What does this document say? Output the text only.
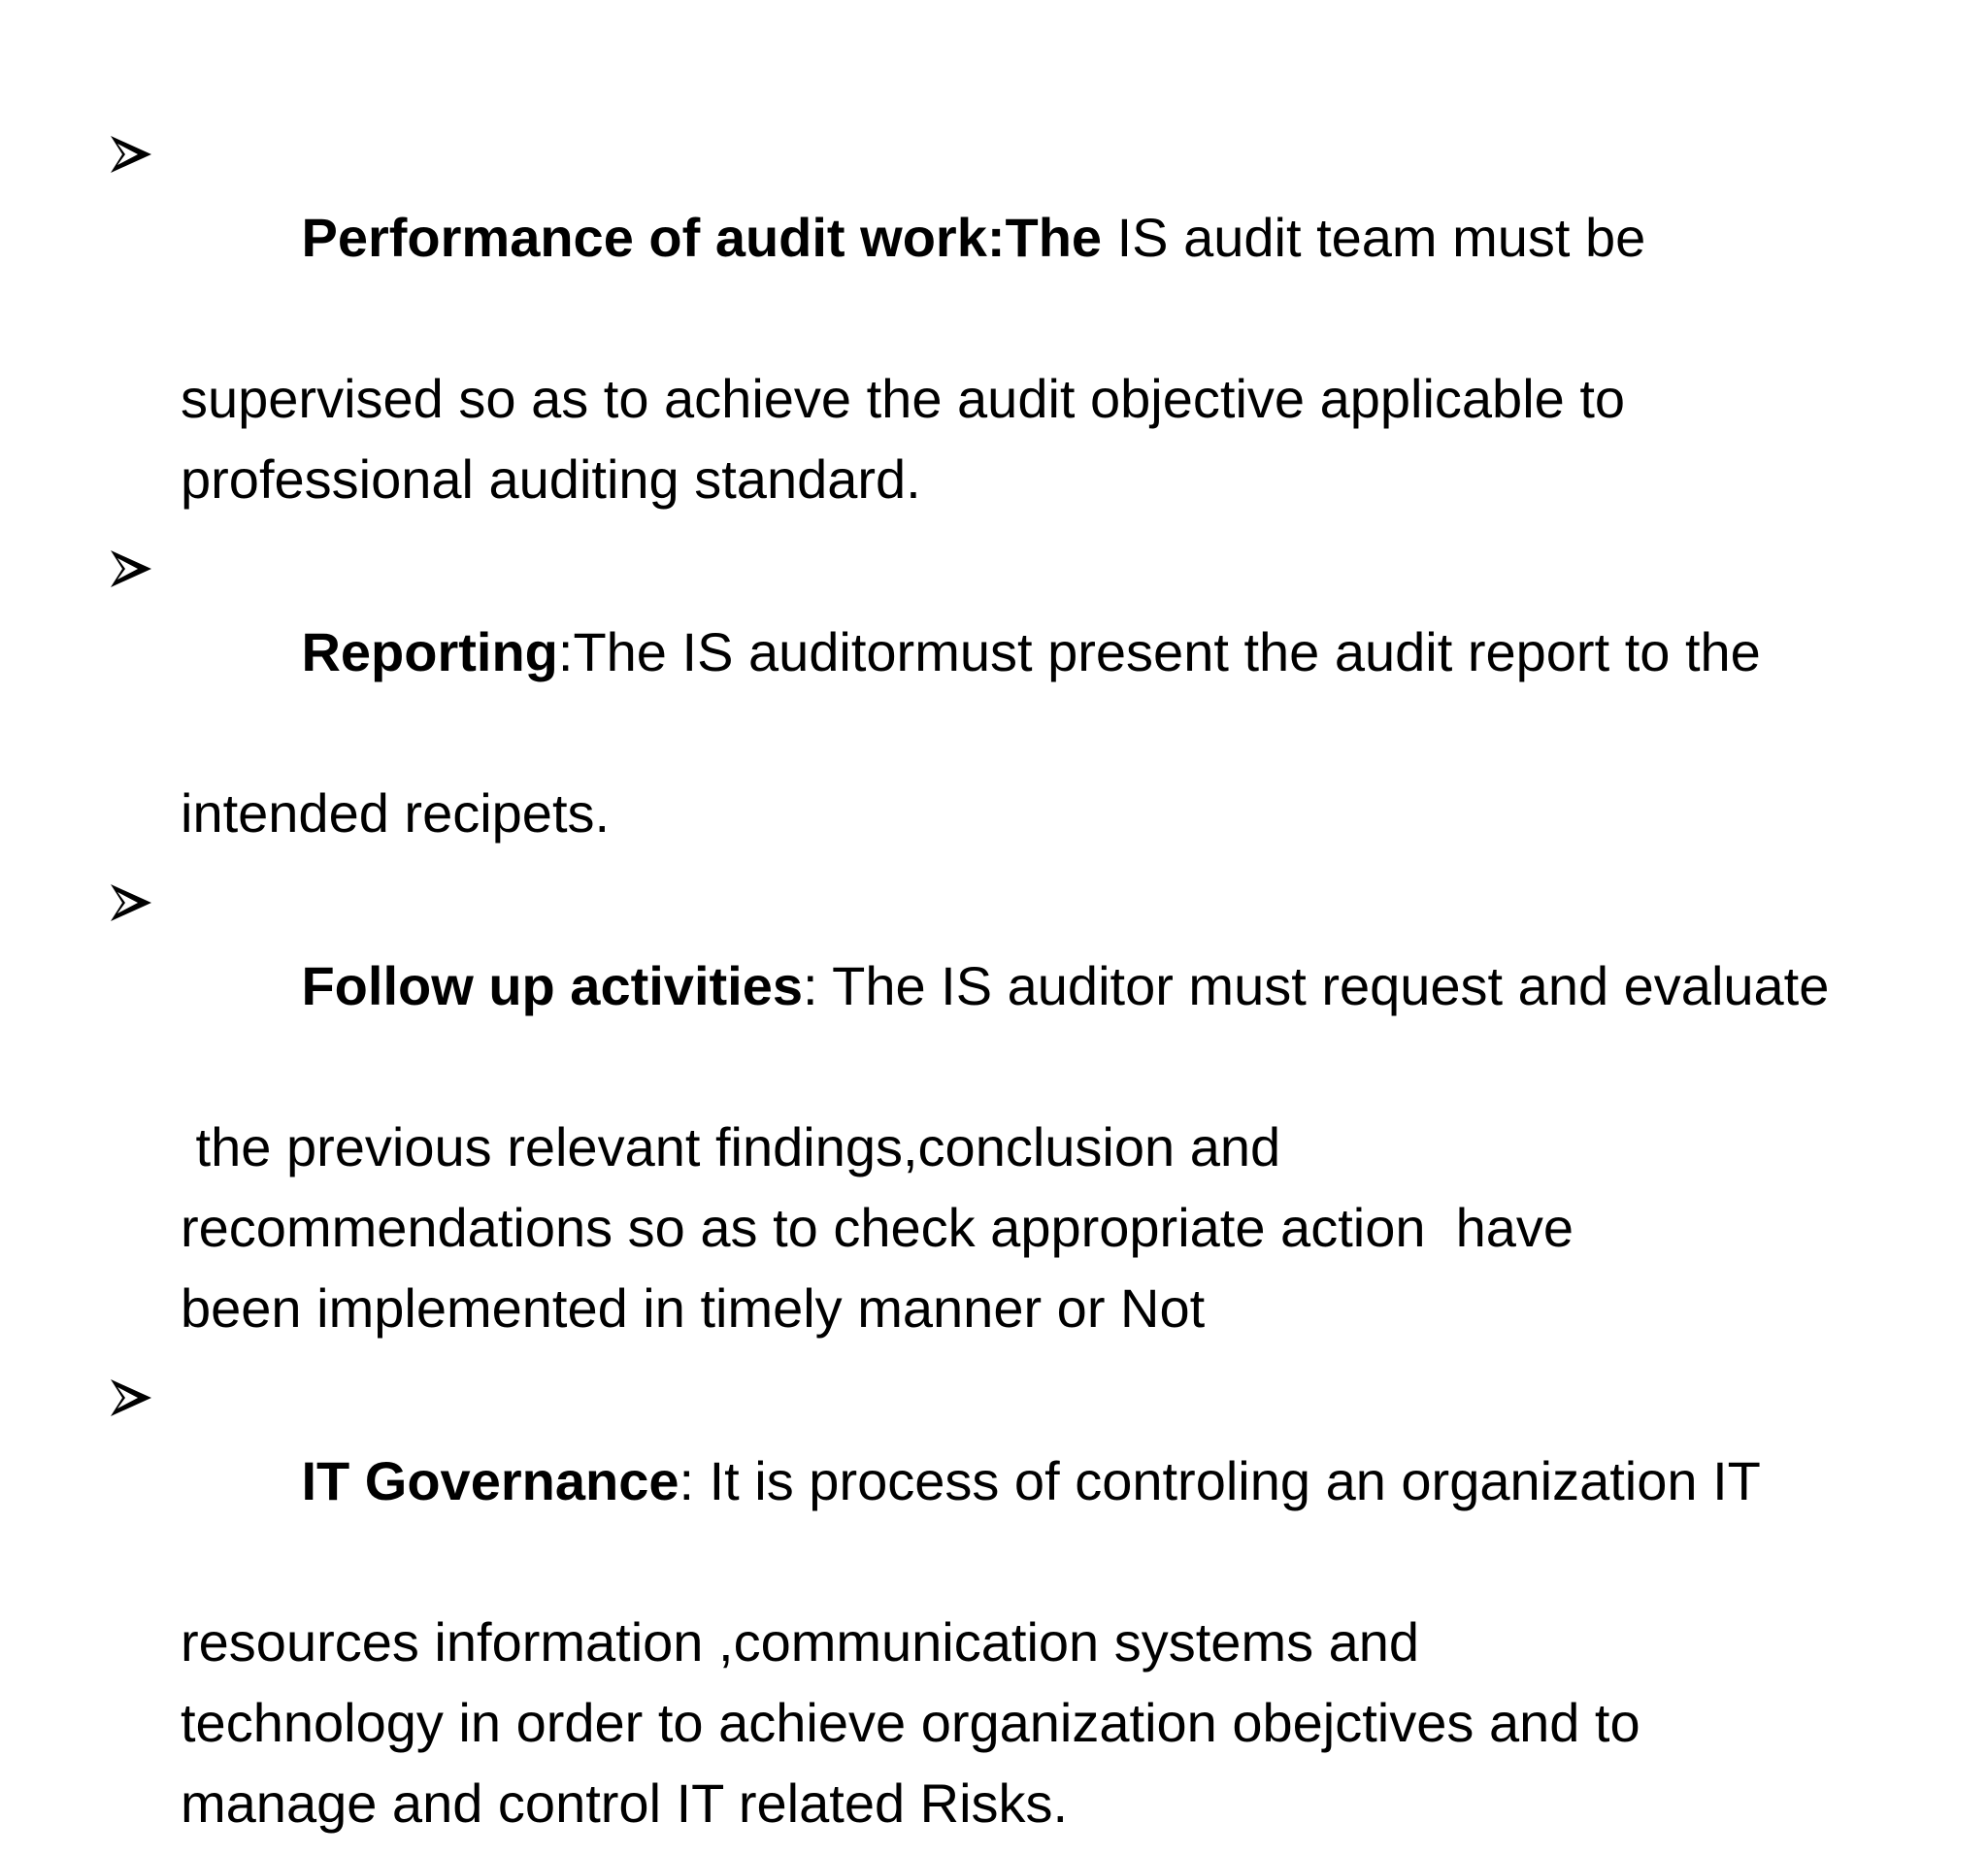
Performance of audit work:The IS audit team must be

supervised so as to achieve the audit objective applicable to
professional auditing standard.

Reporting:The IS auditormust present the audit report to the

intended recipets.

Follow up activities: The IS auditor must request and evaluate

the previous relevant findings,conclusion and
recommendations so as to check appropriate action  have
been implemented in timely manner or Not

IT Governance: It is process of controling an organization IT

resources information ,communication systems and
technology in order to achieve organization obejctives and to
manage and control IT related Risks.
